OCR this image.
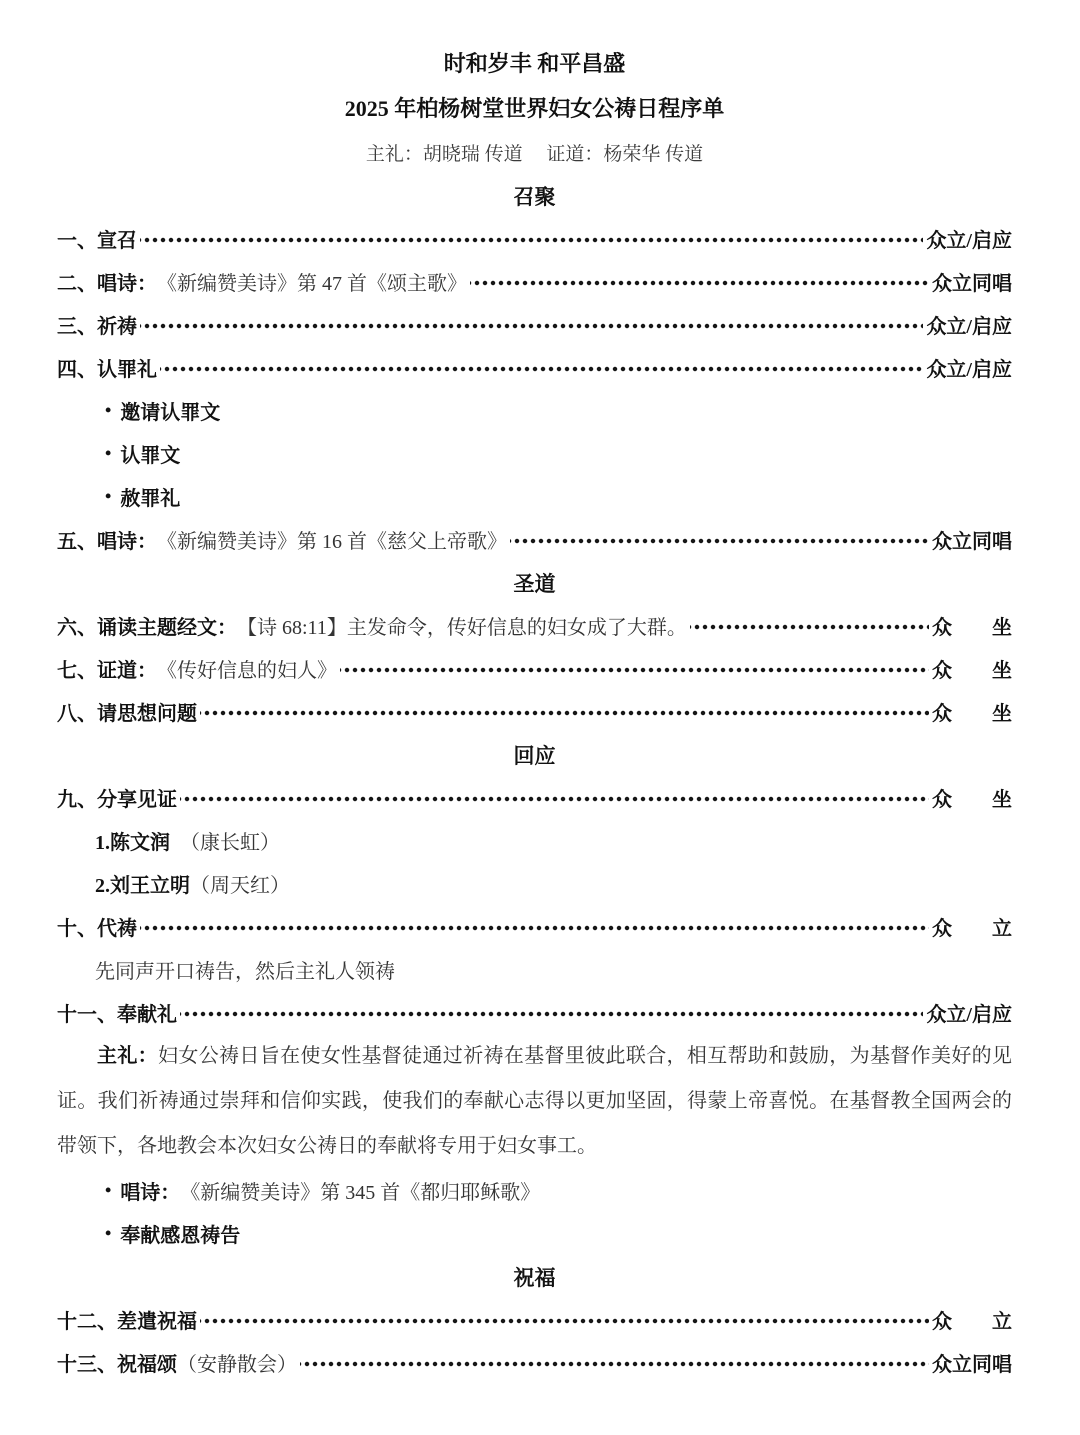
时和岁丰 和平昌盛
2025 年柏杨树堂世界妇女公祷日程序单
主礼：胡晓瑞 传道　 证道：杨荣华 传道
召聚
一、宣召	众立/启应
二、唱诗： 《新编赞美诗》第 47 首《颂主歌》	众立同唱
三、祈祷	众立/启应
四、认罪礼	众立/启应
• 邀请认罪文
• 认罪文
• 赦罪礼
五、唱诗： 《新编赞美诗》第 16 首《慈父上帝歌》	众立同唱
圣道
六、诵读主题经文： 【诗 68:11】主发命令，传好信息的妇女成了大群。	众　　坐
七、证道： 《传好信息的妇人》	众　　坐
八、请思想问题	众　　坐
回应
九、分享见证	众　　坐
1.陈文润 　（康长虹）
2.刘王立明 （周天红）
十、代祷	众　　立
先同声开口祷告，然后主礼人领祷
十一、奉献礼	众立/启应

主礼：妇女公祷日旨在使女性基督徒通过祈祷在基督里彼此联合，相互帮助和鼓励，为基督作美好的见证。我们祈祷通过崇拜和信仰实践，使我们的奉献心志得以更加坚固，得蒙上帝喜悦。在基督教全国两会的带领下，各地教会本次妇女公祷日的奉献将专用于妇女事工。

• 唱诗： 《新编赞美诗》第 345 首《都归耶稣歌》
• 奉献感恩祷告
祝福
十二、差遣祝福	众　　立
十三、祝福颂 （安静散会）	众立同唱
